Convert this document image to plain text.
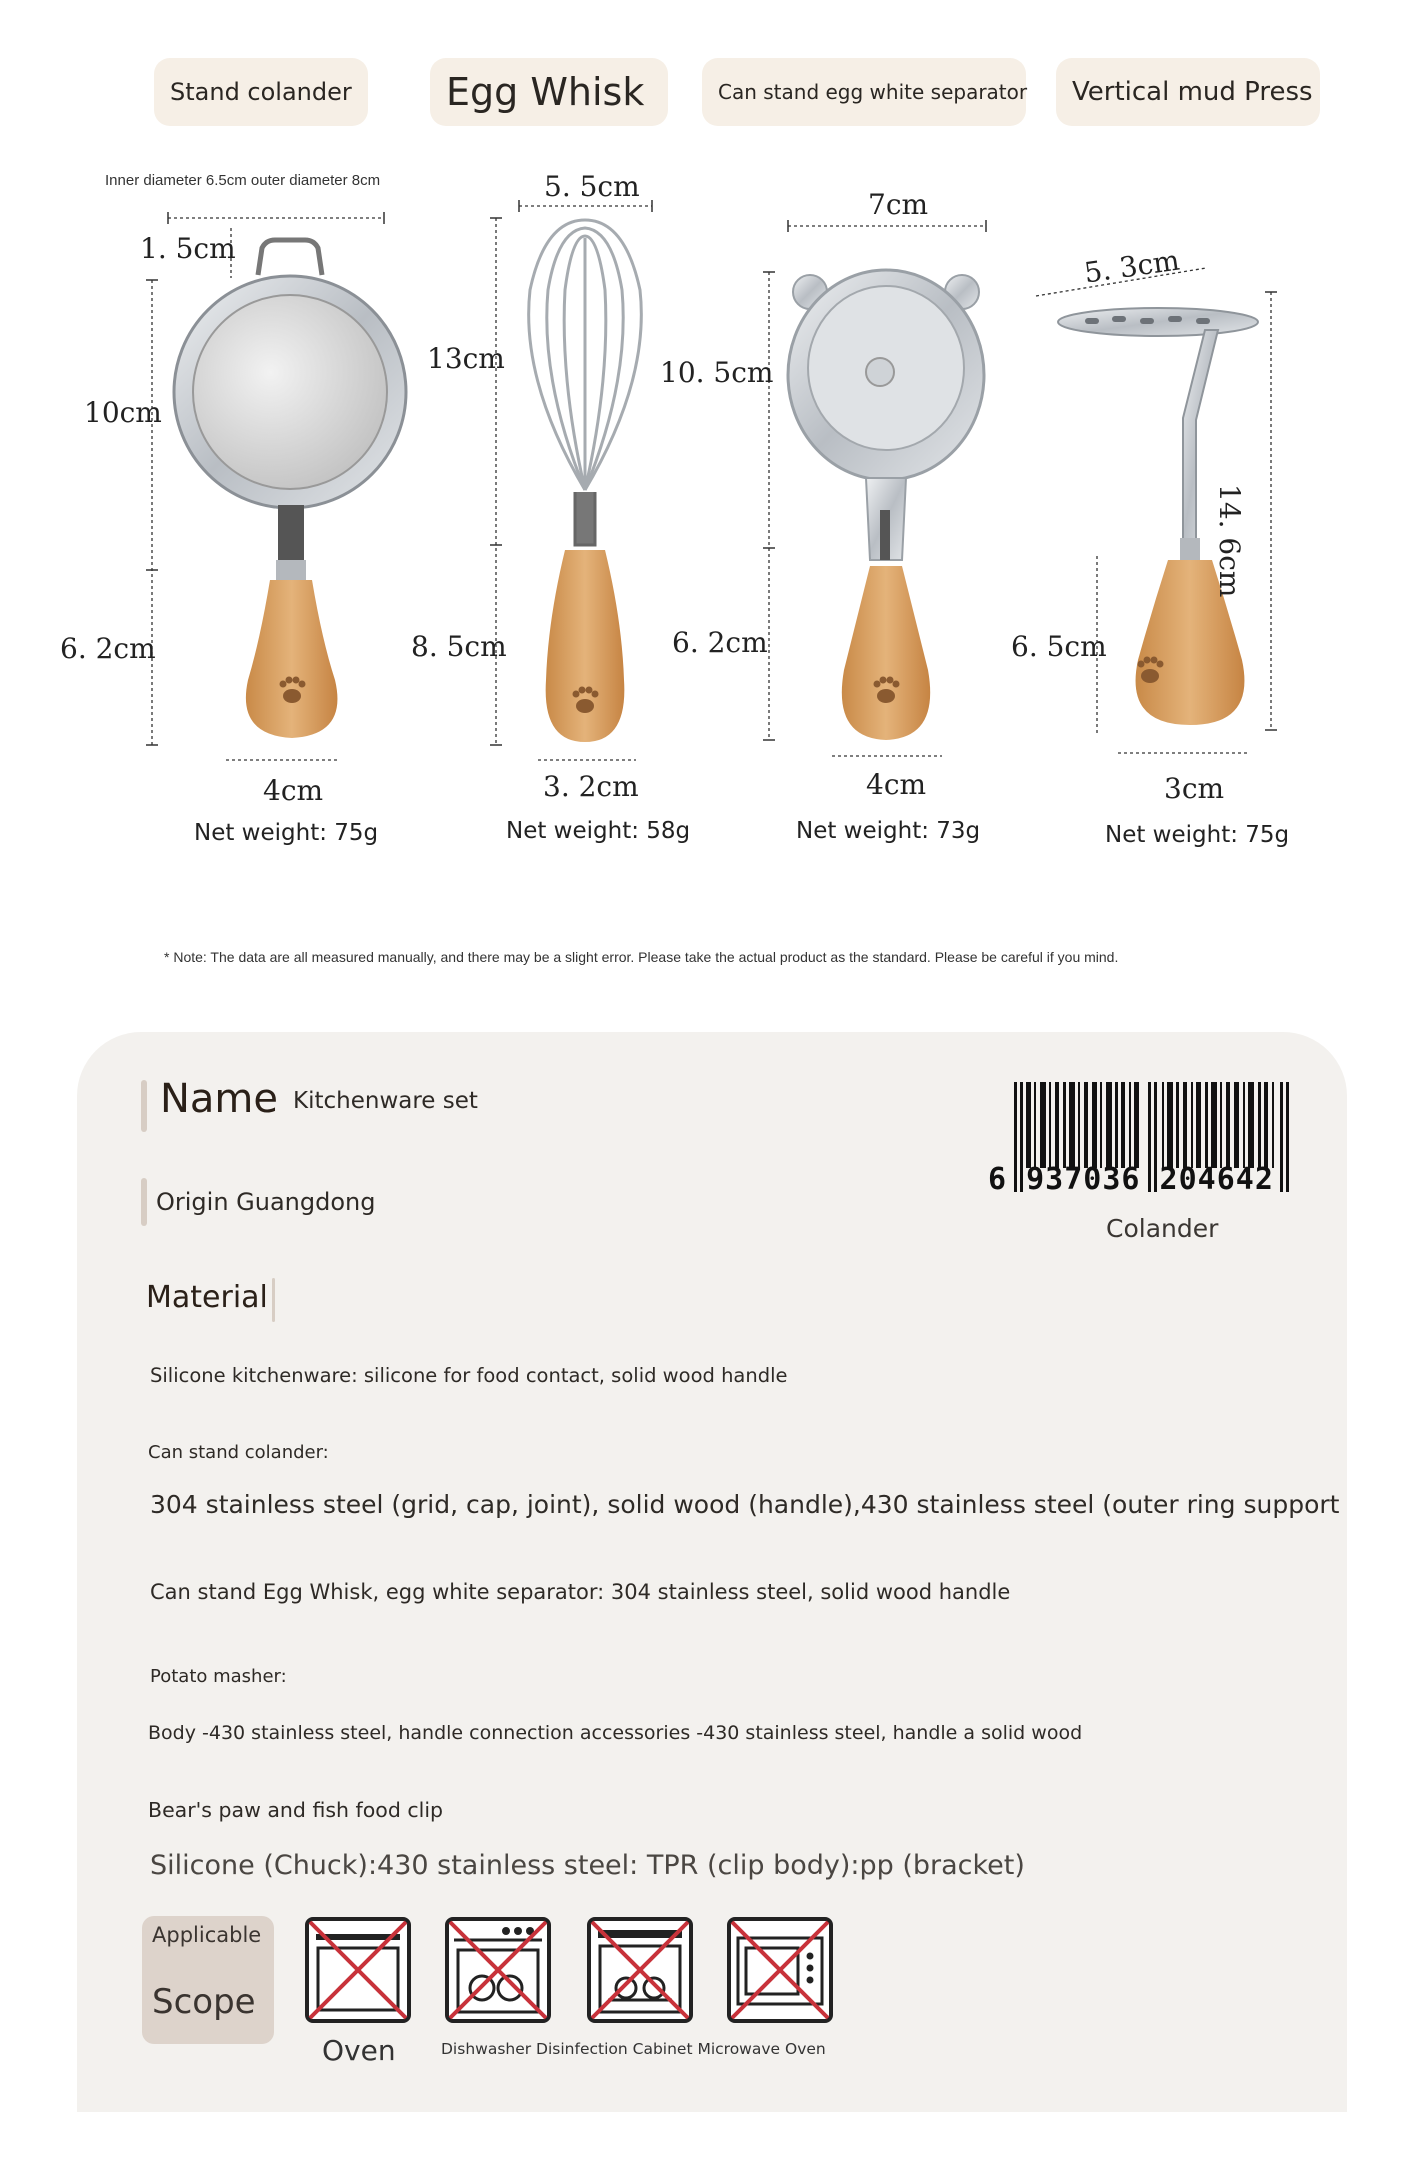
Stand colander Egg Whisk	Can stand egg white separator Vertical mud Press
Inner diameter 6.5cm outer diameter 8cm
1. 5cm
10cm
6. 2cm
4cm
Net weight: 75g
5. 5cm
13cm
8. 5cm
3. 2cm
Net weight: 58g
7cm
10. 5cm
6. 2cm
4cm
Net weight: 73g
5. 3cm
14. 6cm
6. 5cm
3cm
Net weight: 75g
* Note: The data are all measured manually, and there may be a slight error. Please take the actual product as the standard. Please be careful if you mind.
Name Kitchenware set
Origin Guangdong
6 937036 204642
Colander
Material
Silicone kitchenware: silicone for food contact, solid wood handle
Can stand colander:
304 stainless steel (grid, cap, joint), solid wood (handle),430 stainless steel (outer ring support
Can stand Egg Whisk, egg white separator: 304 stainless steel, solid wood handle
Potato masher:
Body -430 stainless steel, handle connection accessories -430 stainless steel, handle a solid wood
Bear's paw and fish food clip
Silicone (Chuck):430 stainless steel: TPR (clip body):pp (bracket)
Applicable
Scope
Oven	Dishwasher Disinfection Cabinet Microwave Oven
